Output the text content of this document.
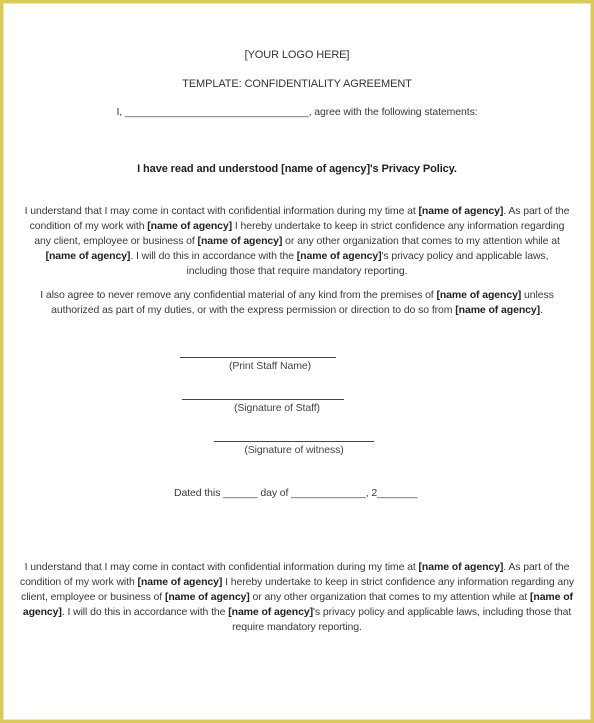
[YOUR LOGO HERE]
TEMPLATE: CONFIDENTIALITY AGREEMENT
I, ________________________________, agree with the following statements:
I have read and understood [name of agency]'s Privacy Policy.
I understand that I may come in contact with confidential information during my time at [name of agency]. As part of the condition of my work with [name of agency] I hereby undertake to keep in strict confidence any information regarding any client, employee or business of [name of agency] or any other organization that comes to my attention while at [name of agency]. I will do this in accordance with the [name of agency]'s privacy policy and applicable laws, including those that require mandatory reporting.
I also agree to never remove any confidential material of any kind from the premises of [name of agency] unless authorized as part of my duties, or with the express permission or direction to do so from [name of agency].
(Print Staff Name)
(Signature of Staff)
(Signature of witness)
Dated this ______ day of _____________, 2_______
I understand that I may come in contact with confidential information during my time at [name of agency]. As part of the condition of my work with [name of agency] I hereby undertake to keep in strict confidence any information regarding any client, employee or business of [name of agency] or any other organization that comes to my attention while at [name of agency]. I will do this in accordance with the [name of agency]'s privacy policy and applicable laws, including those that require mandatory reporting.
